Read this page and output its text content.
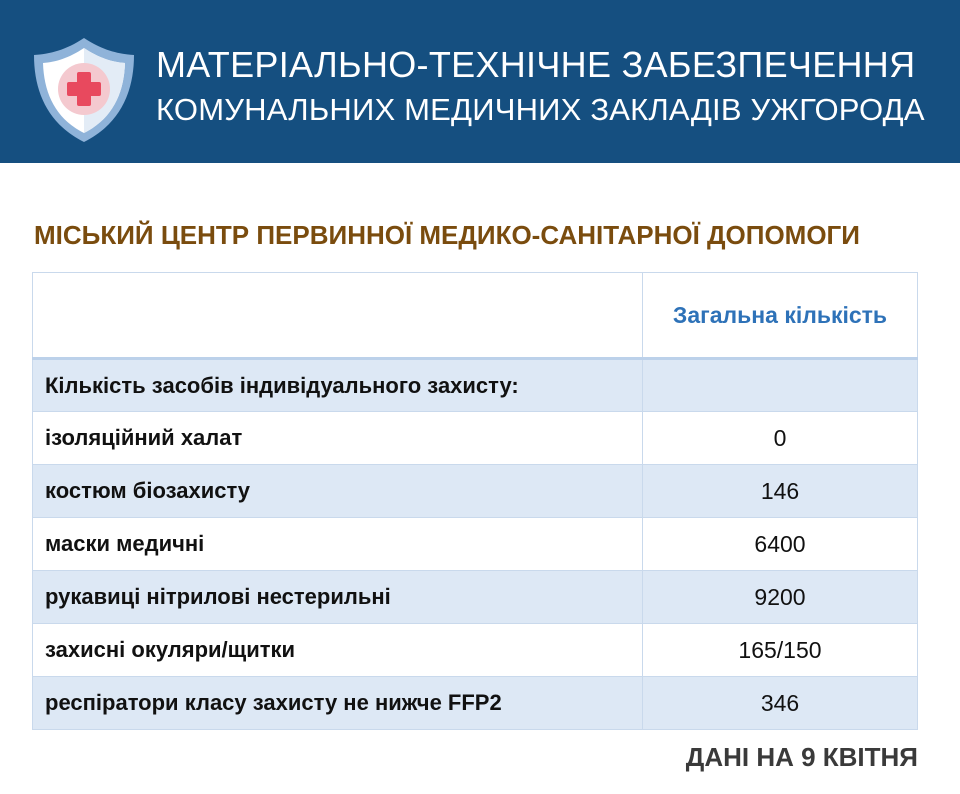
МАТЕРІАЛЬНО-ТЕХНІЧНЕ ЗАБЕЗПЕЧЕННЯ
КОМУНАЛЬНИХ МЕДИЧНИХ ЗАКЛАДІВ УЖГОРОДА
МІСЬКИЙ ЦЕНТР ПЕРВИННОЇ МЕДИКО-САНІТАРНОЇ ДОПОМОГИ
	Загальна кількість
Кількість засобів індивідуального захисту:	
ізоляційний халат	0
костюм біозахисту	146
маски медичні	6400
рукавиці нітрилові нестерильні	9200
захисні окуляри/щитки	165/150
респіратори класу захисту не нижче FFP2	346
ДАНІ НА 9 КВІТНЯ
